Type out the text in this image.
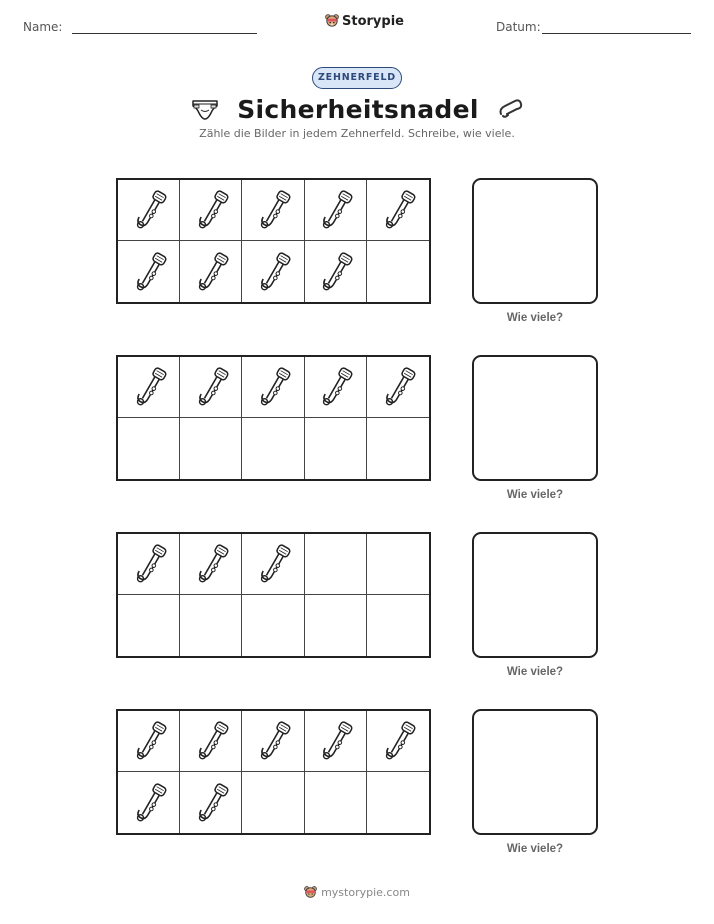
Name:	Storypie	Datum:
ZEHNERFELD
Sicherheitsnadel
Zähle die Bilder in jedem Zehnerfeld. Schreibe, wie viele.
Wie viele?
Wie viele?
Wie viele?
Wie viele?
mystorypie.com
